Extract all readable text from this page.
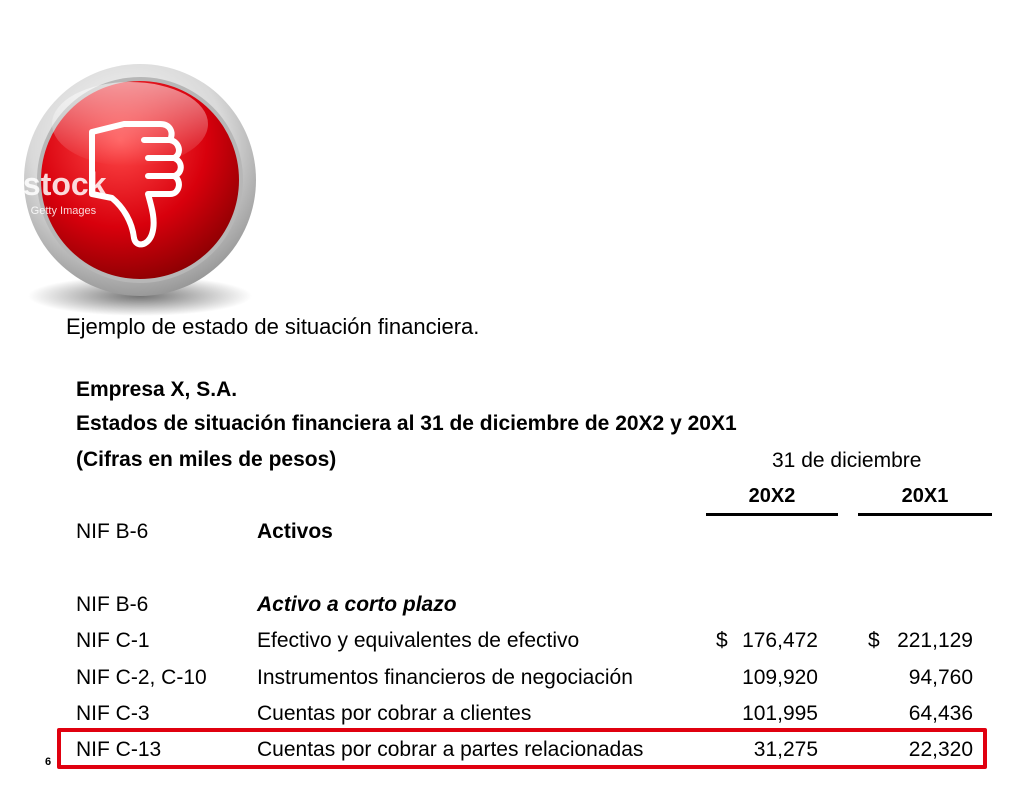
istock
by Getty Images
Ejemplo de estado de situación financiera.
Empresa X, S.A.
Estados de situación financiera al 31 de diciembre de 20X2 y 20X1
(Cifras en miles de pesos)	31 de diciembre
20X2	20X1
NIF B-6	Activos
NIF B-6	Activo a corto plazo
NIF C-1	Efectivo y equivalentes de efectivo	$ 176,472 $ 221,129
NIF C-2, C-10 Instrumentos financieros de negociación	109,920	94,760
NIF C-3	Cuentas por cobrar a clientes	101,995	64,436
NIF C-13	Cuentas por cobrar a partes relacionadas	31,275	22,320
6
